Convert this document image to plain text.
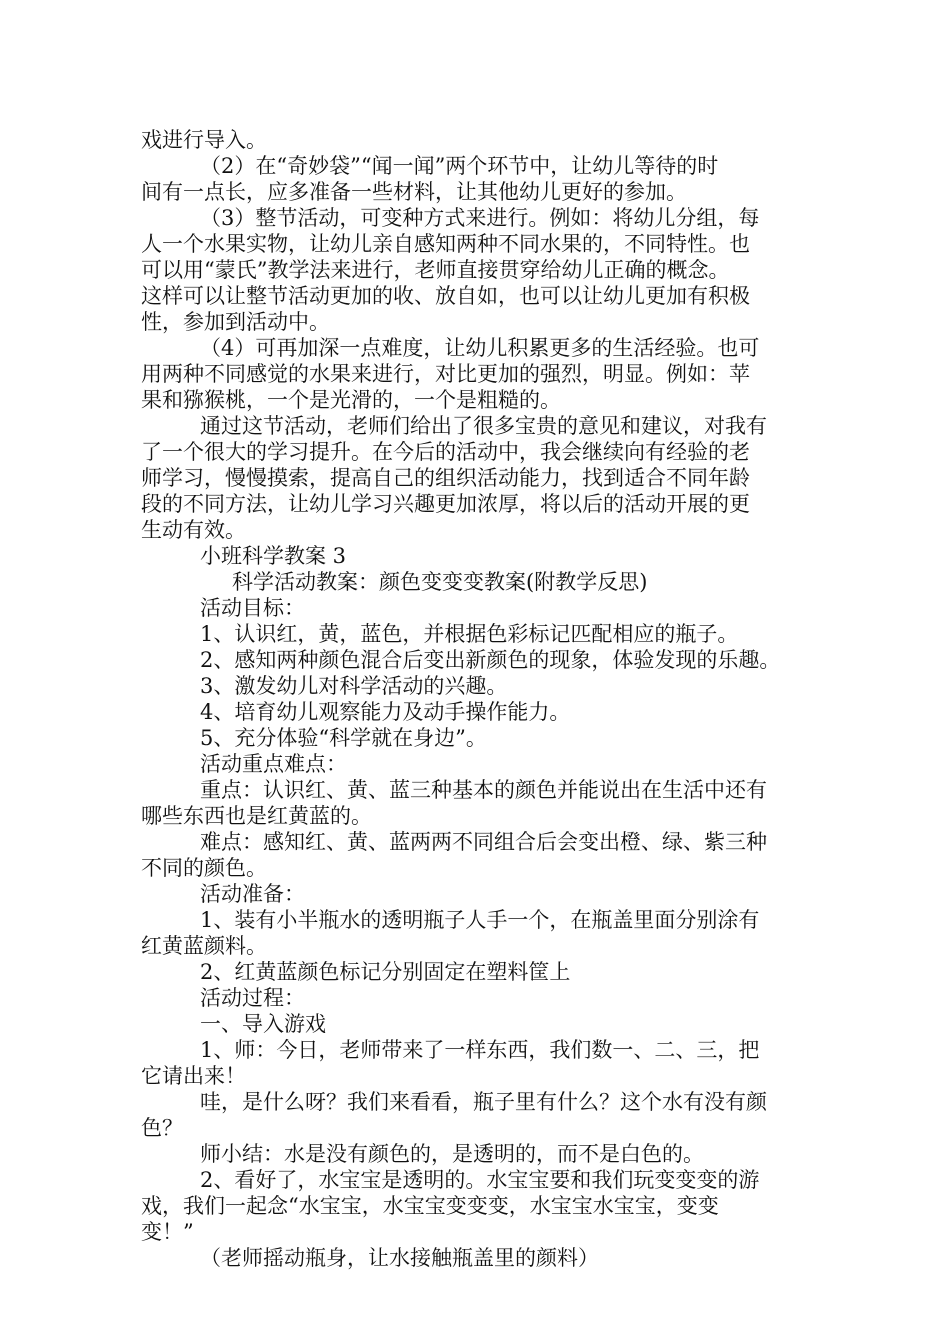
戏进行导入。
（2）在“奇妙袋”“闻一闻”两个环节中，让幼儿等待的时
间有一点长，应多准备一些材料，让其他幼儿更好的参加。
（3）整节活动，可变种方式来进行。例如：将幼儿分组，每
人一个水果实物，让幼儿亲自感知两种不同水果的，不同特性。也
可以用“蒙氏”教学法来进行，老师直接贯穿给幼儿正确的概念。
这样可以让整节活动更加的收、放自如，也可以让幼儿更加有积极
性，参加到活动中。
（4）可再加深一点难度，让幼儿积累更多的生活经验。也可
用两种不同感觉的水果来进行，对比更加的强烈，明显。例如：苹
果和猕猴桃，一个是光滑的，一个是粗糙的。
通过这节活动，老师们给出了很多宝贵的意见和建议，对我有
了一个很大的学习提升。在今后的活动中，我会继续向有经验的老
师学习，慢慢摸索，提高自己的组织活动能力，找到适合不同年龄
段的不同方法，让幼儿学习兴趣更加浓厚，将以后的活动开展的更
生动有效。
小班科学教案 3
科学活动教案：颜色变变变教案(附教学反思)
活动目标：
1、认识红，黄，蓝色，并根据色彩标记匹配相应的瓶子。
2、感知两种颜色混合后变出新颜色的现象，体验发现的乐趣。
3、激发幼儿对科学活动的兴趣。
4、培育幼儿观察能力及动手操作能力。
5、充分体验“科学就在身边”。
活动重点难点：
重点：认识红、黄、蓝三种基本的颜色并能说出在生活中还有
哪些东西也是红黄蓝的。
难点：感知红、黄、蓝两两不同组合后会变出橙、绿、紫三种
不同的颜色。
活动准备：
1、装有小半瓶水的透明瓶子人手一个，在瓶盖里面分别涂有
红黄蓝颜料。
2、红黄蓝颜色标记分别固定在塑料筐上
活动过程：
一、导入游戏
1、师：今日，老师带来了一样东西，我们数一、二、三，把
它请出来！
哇，是什么呀？我们来看看，瓶子里有什么？这个水有没有颜
色？
师小结：水是没有颜色的，是透明的，而不是白色的。
2、看好了，水宝宝是透明的。水宝宝要和我们玩变变变的游
戏，我们一起念“水宝宝，水宝宝变变变，水宝宝水宝宝，变变
变！”
（老师摇动瓶身，让水接触瓶盖里的颜料）
